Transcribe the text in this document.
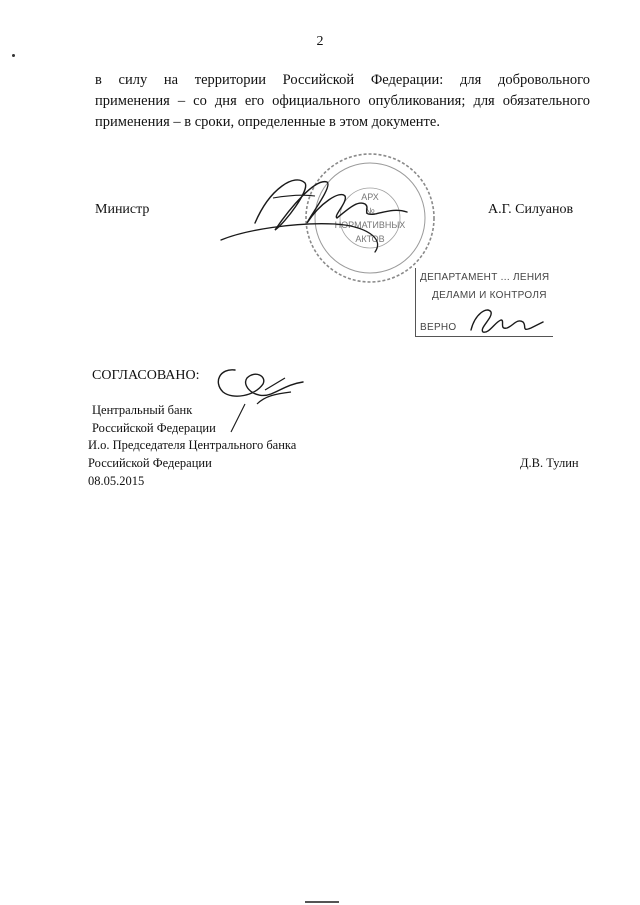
2
в силу на территории Российской Федерации: для добровольного
применения – со дня его официального опубликования; для обязательного
применения – в сроки, определенные в этом документе.
АРХ
№
НОРМАТИВНЫХ
АКТОВ
Министр	А.Г. Силуанов
ДЕПАРТАМЕНТ ... ЛЕНИЯ
ДЕЛАМИ И КОНТРОЛЯ
ВЕРНО
СОГЛАСОВАНО:
Центральный банк
Российской Федерации
И.о. Председателя Центрального банка
Российской Федерации	Д.В. Тулин
08.05.2015
